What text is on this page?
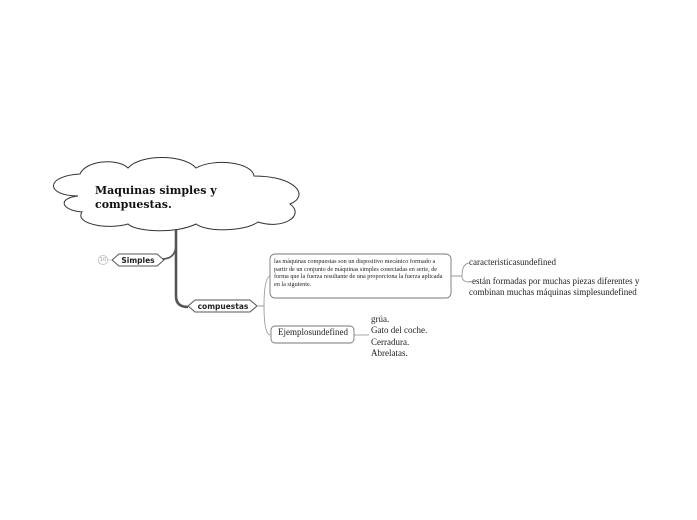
Maquinas simples y compuestas.
Simples
10
compuestas
las máquinas compuestas son un dispositivo mecánico formado a partir de un conjunto de máquinas simples conectadas en serie, de forma que la fuerza resultante de una proporciona la fuerza aplicada en la siguiente.
Ejemplosundefined
caracteristicasundefined
-están formadas por muchas piezas diferentes y combinan muchas máquinas simplesundefined
grúa.
Gato del coche.
Cerradura.
Abrelatas.
